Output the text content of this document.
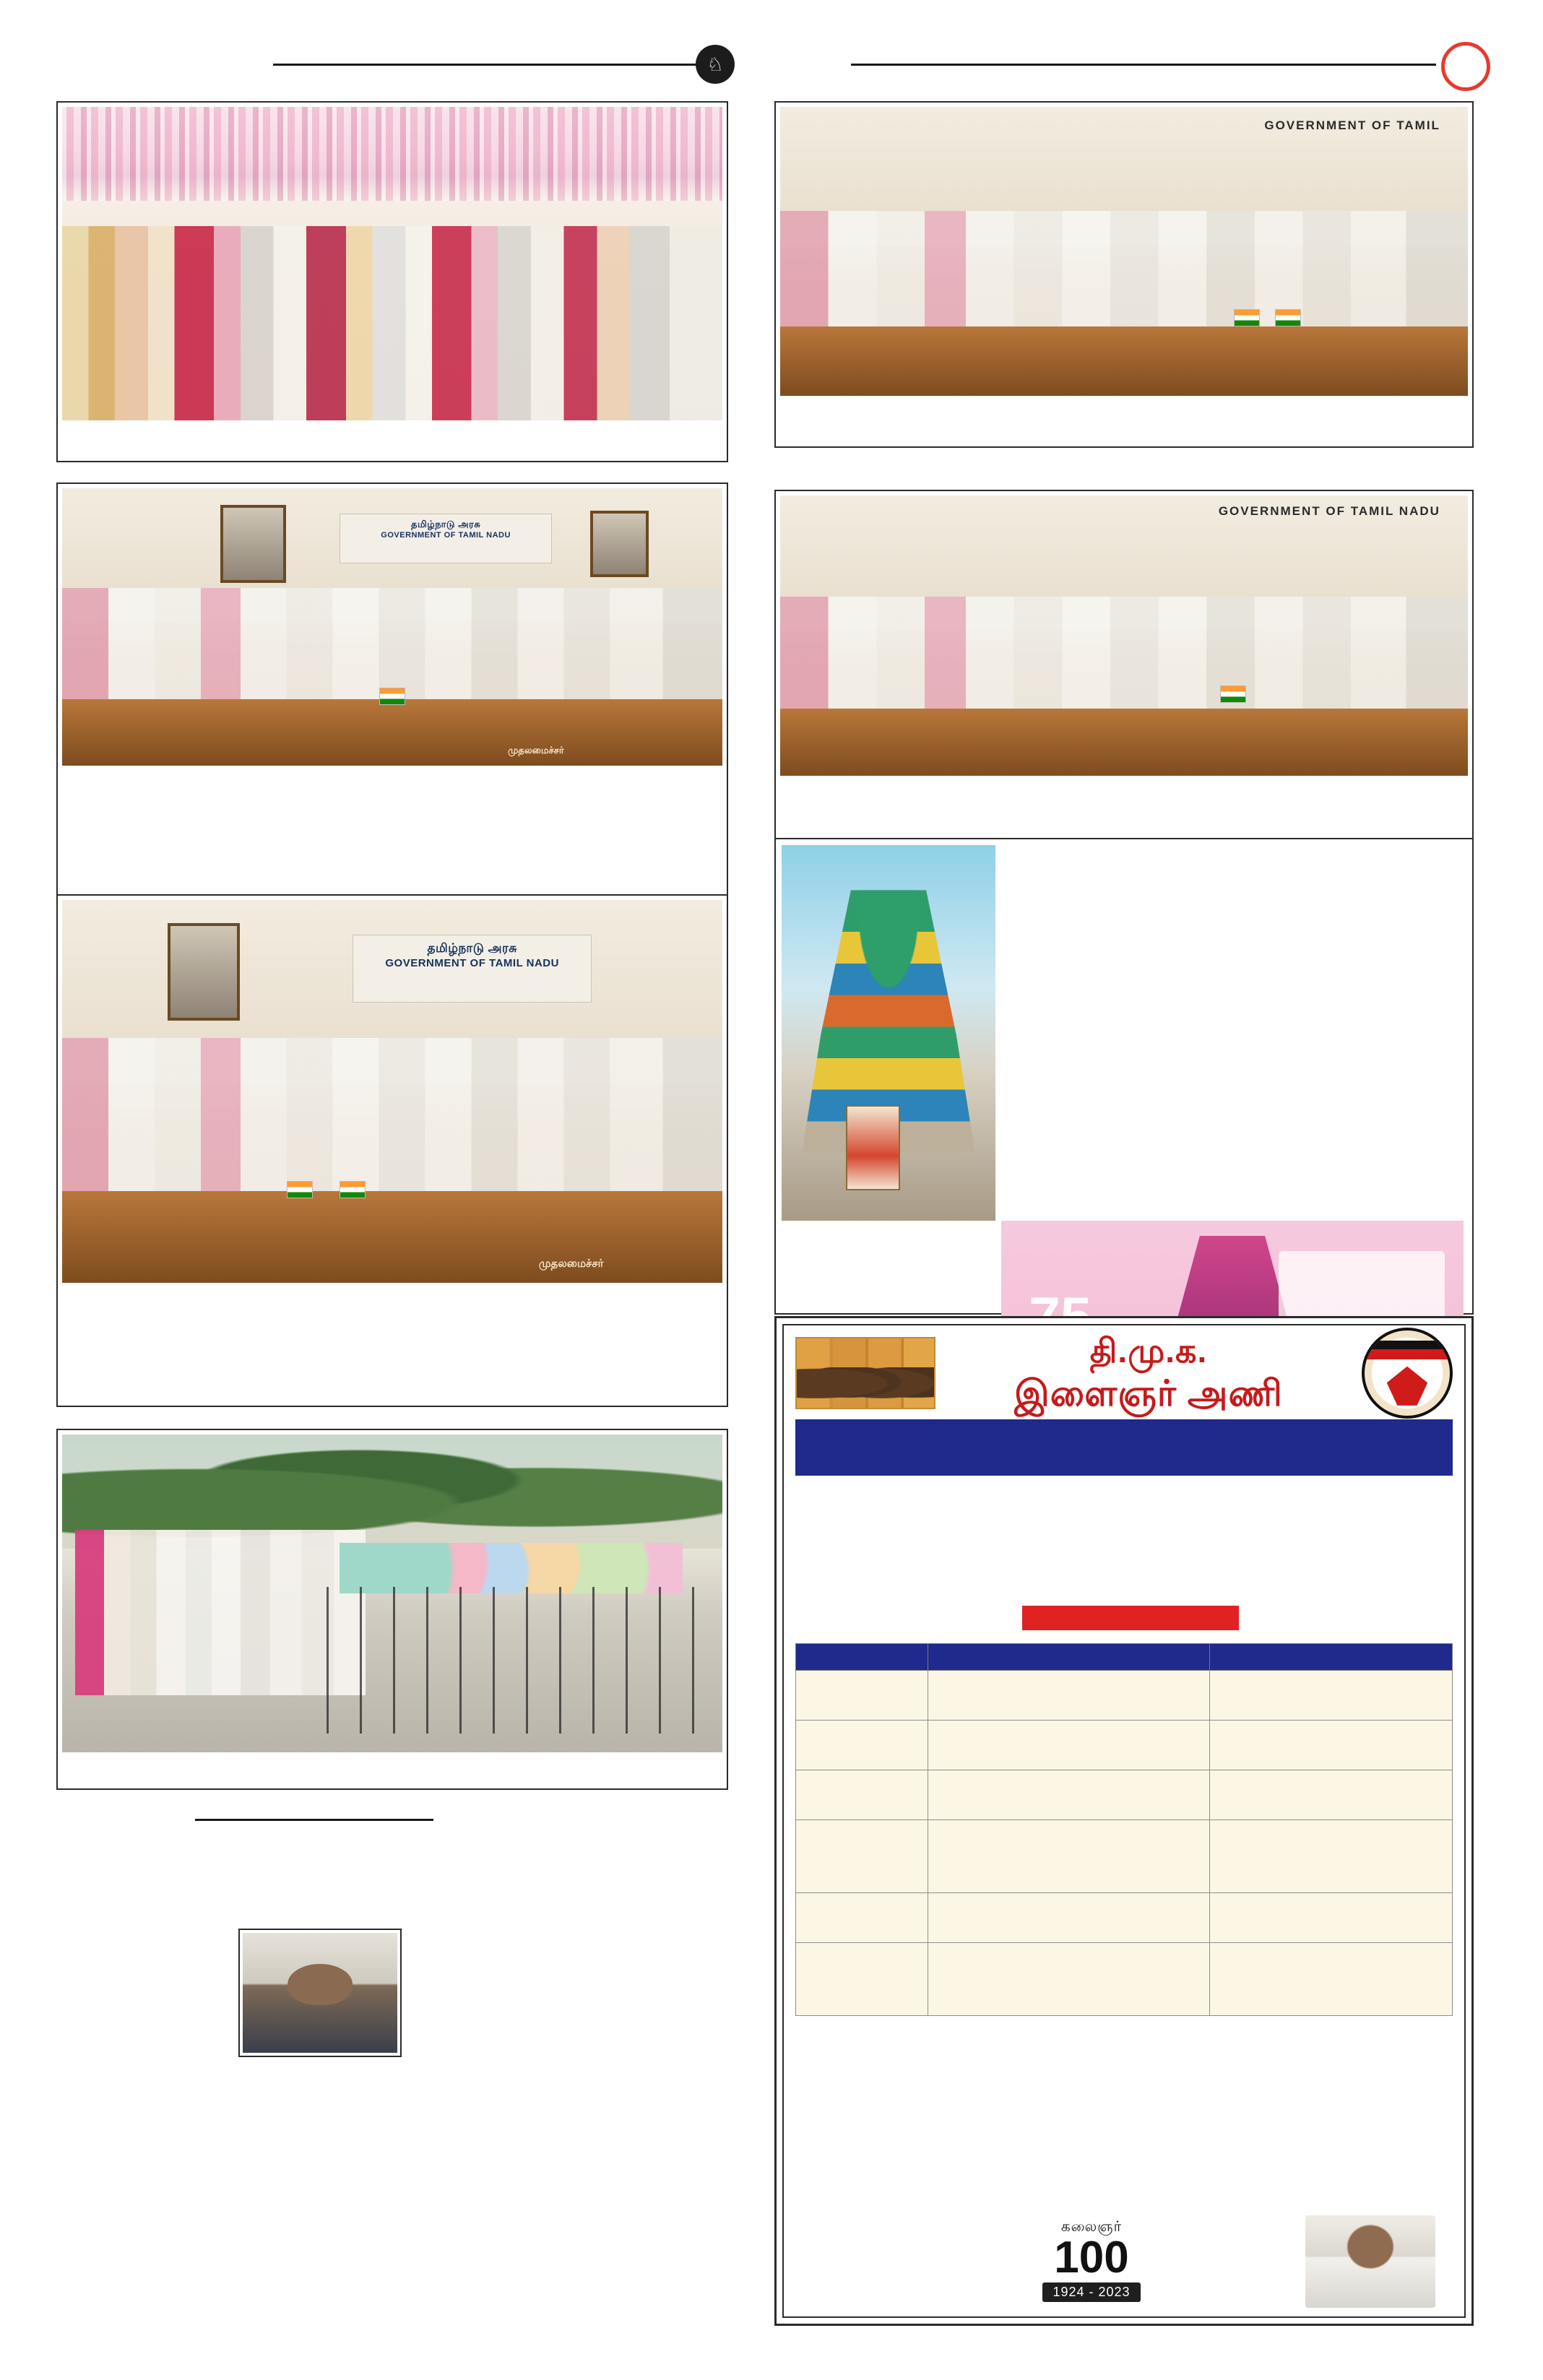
♘
தமிழ்நாடு அரசு
GOVERNMENT OF TAMIL NADU
முதலமைச்சர்
தமிழ்நாடு அரசு
GOVERNMENT OF TAMIL NADU
முதலமைச்சர்
GOVERNMENT OF TAMIL
GOVERNMENT OF TAMIL NADU
தி.மு.க.
இளைஞர் அணி

கலைஞர்
100
1924 - 2023
